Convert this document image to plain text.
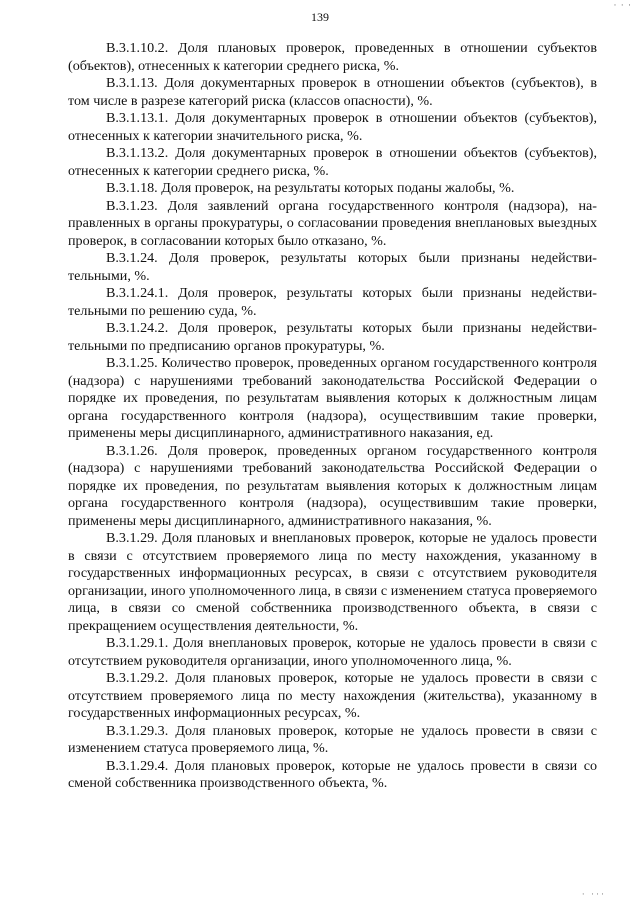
· · ·
139

В.3.1.10.2. Доля плановых проверок, проведенных в отношении субъектов (объектов), отнесенных к категории среднего риска, %.

В.3.1.13. Доля документарных проверок в отношении объектов (субъектов), в том числе в разрезе категорий риска (классов опасности), %.

В.3.1.13.1. Доля документарных проверок в отношении объектов (субъектов), отнесенных к категории значительного риска, %.

В.3.1.13.2. Доля документарных проверок в отношении объектов (субъектов), отнесенных к категории среднего риска, %.

В.3.1.18. Доля проверок, на результаты которых поданы жалобы, %.

В.3.1.23. Доля заявлений органа государственного контроля (надзора), направленных в органы прокуратуры, о согласовании проведения внеплановых выездных проверок, в согласовании которых было отказано, %.

В.3.1.24. Доля проверок, результаты которых были признаны недействительными, %.

В.3.1.24.1. Доля проверок, результаты которых были признаны недействительными по решению суда, %.

В.3.1.24.2. Доля проверок, результаты которых были признаны недействительными по предписанию органов прокуратуры, %.

В.3.1.25. Количество проверок, проведенных органом государственного контроля (надзора) с нарушениями требований законодательства Российской Федерации о порядке их проведения, по результатам выявления которых к должностным лицам органа государственного контроля (надзора), осуществившим такие проверки, применены меры дисциплинарного, административного наказания, ед.

В.3.1.26. Доля проверок, проведенных органом государственного контроля (надзора) с нарушениями требований законодательства Российской Федерации о порядке их проведения, по результатам выявления которых к должностным лицам органа государственного контроля (надзора), осуществившим такие проверки, применены меры дисциплинарного, административного наказания, %.

В.3.1.29. Доля плановых и внеплановых проверок, которые не удалось провести в связи с отсутствием проверяемого лица по месту нахождения, указанному в государственных информационных ресурсах, в связи с отсутствием руководителя организации, иного уполномоченного лица, в связи с изменением статуса проверяемого лица, в связи со сменой собственника производственного объекта, в связи с прекращением осуществления деятельности, %.

В.3.1.29.1. Доля внеплановых проверок, которые не удалось провести в связи с отсутствием руководителя организации, иного уполномоченного лица, %.

В.3.1.29.2. Доля плановых проверок, которые не удалось провести в связи с отсутствием проверяемого лица по месту нахождения (жительства), указанному в государственных информационных ресурсах, %.

В.3.1.29.3. Доля плановых проверок, которые не удалось провести в связи с изменением статуса проверяемого лица, %.

В.3.1.29.4. Доля плановых проверок, которые не удалось провести в связи со сменой собственника производственного объекта, %.

· ···
